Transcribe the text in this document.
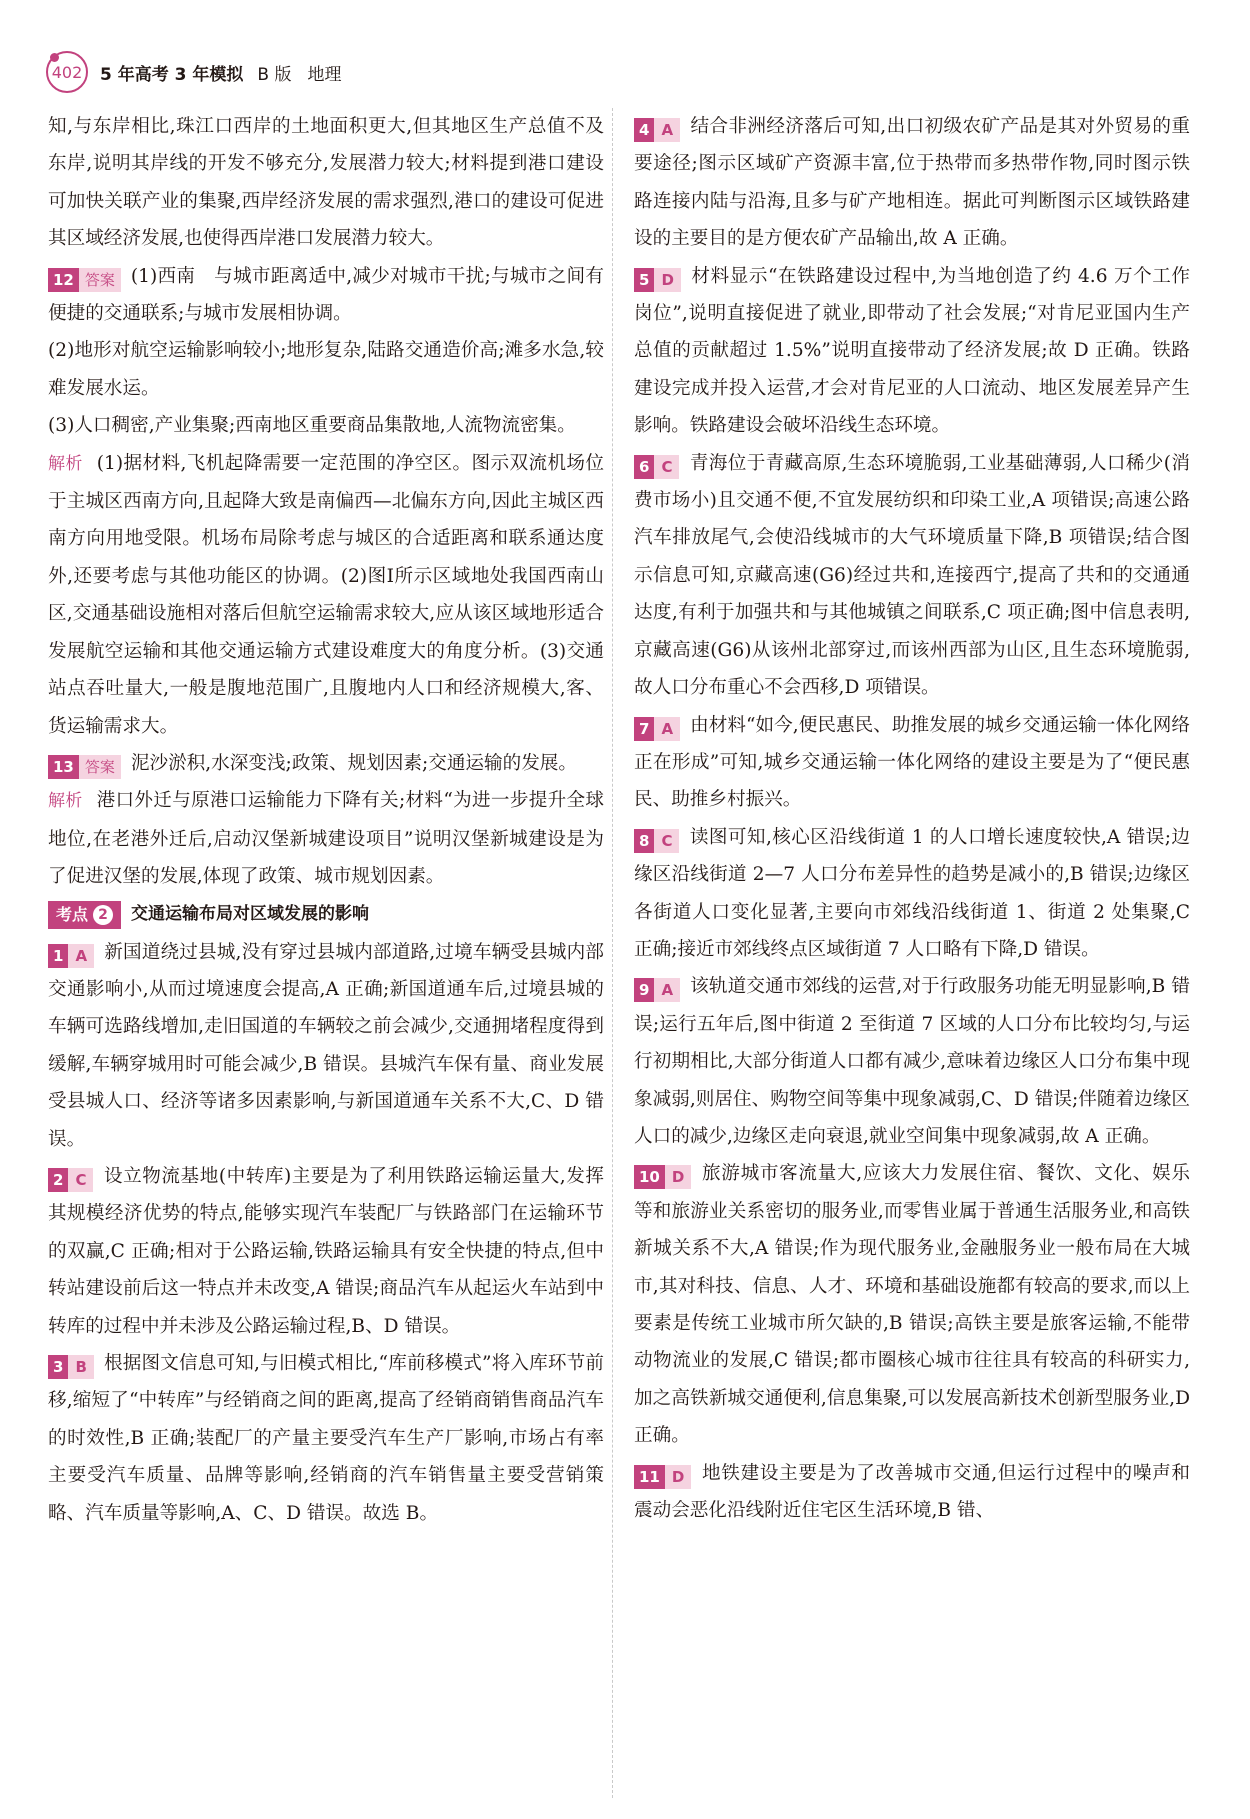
402 5 年高考 3 年模拟 B 版 地理

知,与东岸相比,珠江口西岸的土地面积更大,但其地区生产总值不及东岸,说明其岸线的开发不够充分,发展潜力较大;材料提到港口建设可加快关联产业的集聚,西岸经济发展的需求强烈,港口的建设可促进其区域经济发展,也使得西岸港口发展潜力较大。

12 答案 (1)西南　与城市距离适中,减少对城市干扰;与城市之间有便捷的交通联系;与城市发展相协调。

(2)地形对航空运输影响较小;地形复杂,陆路交通造价高;滩多水急,较难发展水运。

(3)人口稠密,产业集聚;西南地区重要商品集散地,人流物流密集。

解析 (1)据材料,飞机起降需要一定范围的净空区。图示双流机场位于主城区西南方向,且起降大致是南偏西—北偏东方向,因此主城区西南方向用地受限。机场布局除考虑与城区的合适距离和联系通达度外,还要考虑与其他功能区的协调。(2)图Ⅰ所示区域地处我国西南山区,交通基础设施相对落后但航空运输需求较大,应从该区域地形适合发展航空运输和其他交通运输方式建设难度大的角度分析。(3)交通站点吞吐量大,一般是腹地范围广,且腹地内人口和经济规模大,客、货运输需求大。

13 答案 泥沙淤积,水深变浅;政策、规划因素;交通运输的发展。

解析 港口外迁与原港口运输能力下降有关;材料“为进一步提升全球地位,在老港外迁后,启动汉堡新城建设项目”说明汉堡新城建设是为了促进汉堡的发展,体现了政策、城市规划因素。

考点 2	交通运输布局对区域发展的影响

1 A 新国道绕过县城,没有穿过县城内部道路,过境车辆受县城内部交通影响小,从而过境速度会提高,A 正确;新国道通车后,过境县城的车辆可选路线增加,走旧国道的车辆较之前会减少,交通拥堵程度得到缓解,车辆穿城用时可能会减少,B 错误。县城汽车保有量、商业发展受县城人口、经济等诸多因素影响,与新国道通车关系不大,C、D 错误。

2 C 设立物流基地(中转库)主要是为了利用铁路运输运量大,发挥其规模经济优势的特点,能够实现汽车装配厂与铁路部门在运输环节的双赢,C 正确;相对于公路运输,铁路运输具有安全快捷的特点,但中转站建设前后这一特点并未改变,A 错误;商品汽车从起运火车站到中转库的过程中并未涉及公路运输过程,B、D 错误。

3 B 根据图文信息可知,与旧模式相比,“库前移模式”将入库环节前移,缩短了“中转库”与经销商之间的距离,提高了经销商销售商品汽车的时效性,B 正确;装配厂的产量主要受汽车生产厂影响,市场占有率主要受汽车质量、品牌等影响,经销商的汽车销售量主要受营销策略、汽车质量等影响,A、C、D 错误。故选 B。

4 A 结合非洲经济落后可知,出口初级农矿产品是其对外贸易的重要途径;图示区域矿产资源丰富,位于热带而多热带作物,同时图示铁路连接内陆与沿海,且多与矿产地相连。据此可判断图示区域铁路建设的主要目的是方便农矿产品输出,故 A 正确。

5 D 材料显示“在铁路建设过程中,为当地创造了约 4.6 万个工作岗位”,说明直接促进了就业,即带动了社会发展;“对肯尼亚国内生产总值的贡献超过 1.5%”说明直接带动了经济发展;故 D 正确。铁路建设完成并投入运营,才会对肯尼亚的人口流动、地区发展差异产生影响。铁路建设会破坏沿线生态环境。

6 C 青海位于青藏高原,生态环境脆弱,工业基础薄弱,人口稀少(消费市场小)且交通不便,不宜发展纺织和印染工业,A 项错误;高速公路汽车排放尾气,会使沿线城市的大气环境质量下降,B 项错误;结合图示信息可知,京藏高速(G6)经过共和,连接西宁,提高了共和的交通通达度,有利于加强共和与其他城镇之间联系,C 项正确;图中信息表明,京藏高速(G6)从该州北部穿过,而该州西部为山区,且生态环境脆弱,故人口分布重心不会西移,D 项错误。

7 A 由材料“如今,便民惠民、助推发展的城乡交通运输一体化网络正在形成”可知,城乡交通运输一体化网络的建设主要是为了“便民惠民、助推乡村振兴。

8 C 读图可知,核心区沿线街道 1 的人口增长速度较快,A 错误;边缘区沿线街道 2—7 人口分布差异性的趋势是减小的,B 错误;边缘区各街道人口变化显著,主要向市郊线沿线街道 1、街道 2 处集聚,C 正确;接近市郊线终点区域街道 7 人口略有下降,D 错误。

9 A 该轨道交通市郊线的运营,对于行政服务功能无明显影响,B 错误;运行五年后,图中街道 2 至街道 7 区域的人口分布比较均匀,与运行初期相比,大部分街道人口都有减少,意味着边缘区人口分布集中现象减弱,则居住、购物空间等集中现象减弱,C、D 错误;伴随着边缘区人口的减少,边缘区走向衰退,就业空间集中现象减弱,故 A 正确。

10 D 旅游城市客流量大,应该大力发展住宿、餐饮、文化、娱乐等和旅游业关系密切的服务业,而零售业属于普通生活服务业,和高铁新城关系不大,A 错误;作为现代服务业,金融服务业一般布局在大城市,其对科技、信息、人才、环境和基础设施都有较高的要求,而以上要素是传统工业城市所欠缺的,B 错误;高铁主要是旅客运输,不能带动物流业的发展,C 错误;都市圈核心城市往往具有较高的科研实力,加之高铁新城交通便利,信息集聚,可以发展高新技术创新型服务业,D 正确。

11 D 地铁建设主要是为了改善城市交通,但运行过程中的噪声和震动会恶化沿线附近住宅区生活环境,B 错、
